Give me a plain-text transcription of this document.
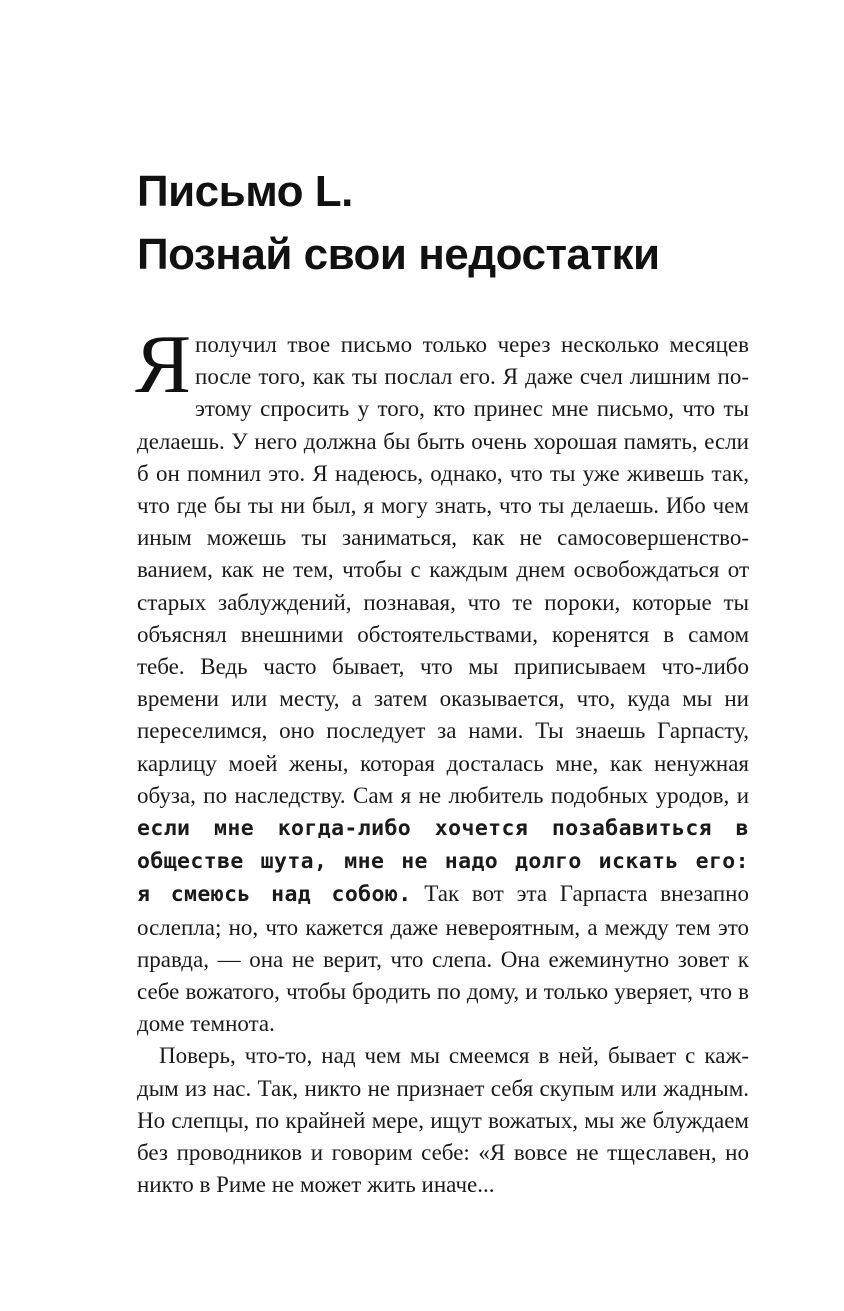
Письмо L.
Познай свои недостатки

Яполучил твое письмо только через несколько месяцев после того, как ты послал его. Я даже счел лишним поэтому спросить у того, кто принес мне письмо, что ты делаешь. У него должна бы быть очень хорошая память, если б он помнил это. Я надеюсь, однако, что ты уже живешь так, что где бы ты ни был, я могу знать, что ты делаешь. Ибо чем иным можешь ты заниматься, как не самосовершенствованием, как не тем, чтобы с каждым днем освобождаться от старых заблуждений, познавая, что те пороки, которые ты объяснял внешними обстоятельствами, коренятся в самом тебе. Ведь часто бывает, что мы приписываем что-либо времени или месту, а затем оказывается, что, куда мы ни переселимся, оно последует за нами. Ты знаешь Гарпасту, карлицу моей жены, которая досталась мне, как ненужная обуза, по наследству. Сам я не любитель подобных уродов, и если мне когда-либо хочется позабавиться в обществе шута, мне не надо долго искать его: я смеюсь над собою. Так вот эта Гарпаста внезапно ослепла; но, что кажется даже невероятным, а между тем это правда, — она не верит, что слепа. Она ежеминутно зовет к себе вожатого, чтобы бродить по дому, и только уверяет, что в доме темнота.

Поверь, что-то, над чем мы смеемся в ней, бывает с каждым из нас. Так, никто не признает себя скупым или жадным. Но слепцы, по крайней мере, ищут вожатых, мы же блуждаем без проводников и говорим себе: «Я вовсе не тщеславен, но никто в Риме не может жить иначе...
